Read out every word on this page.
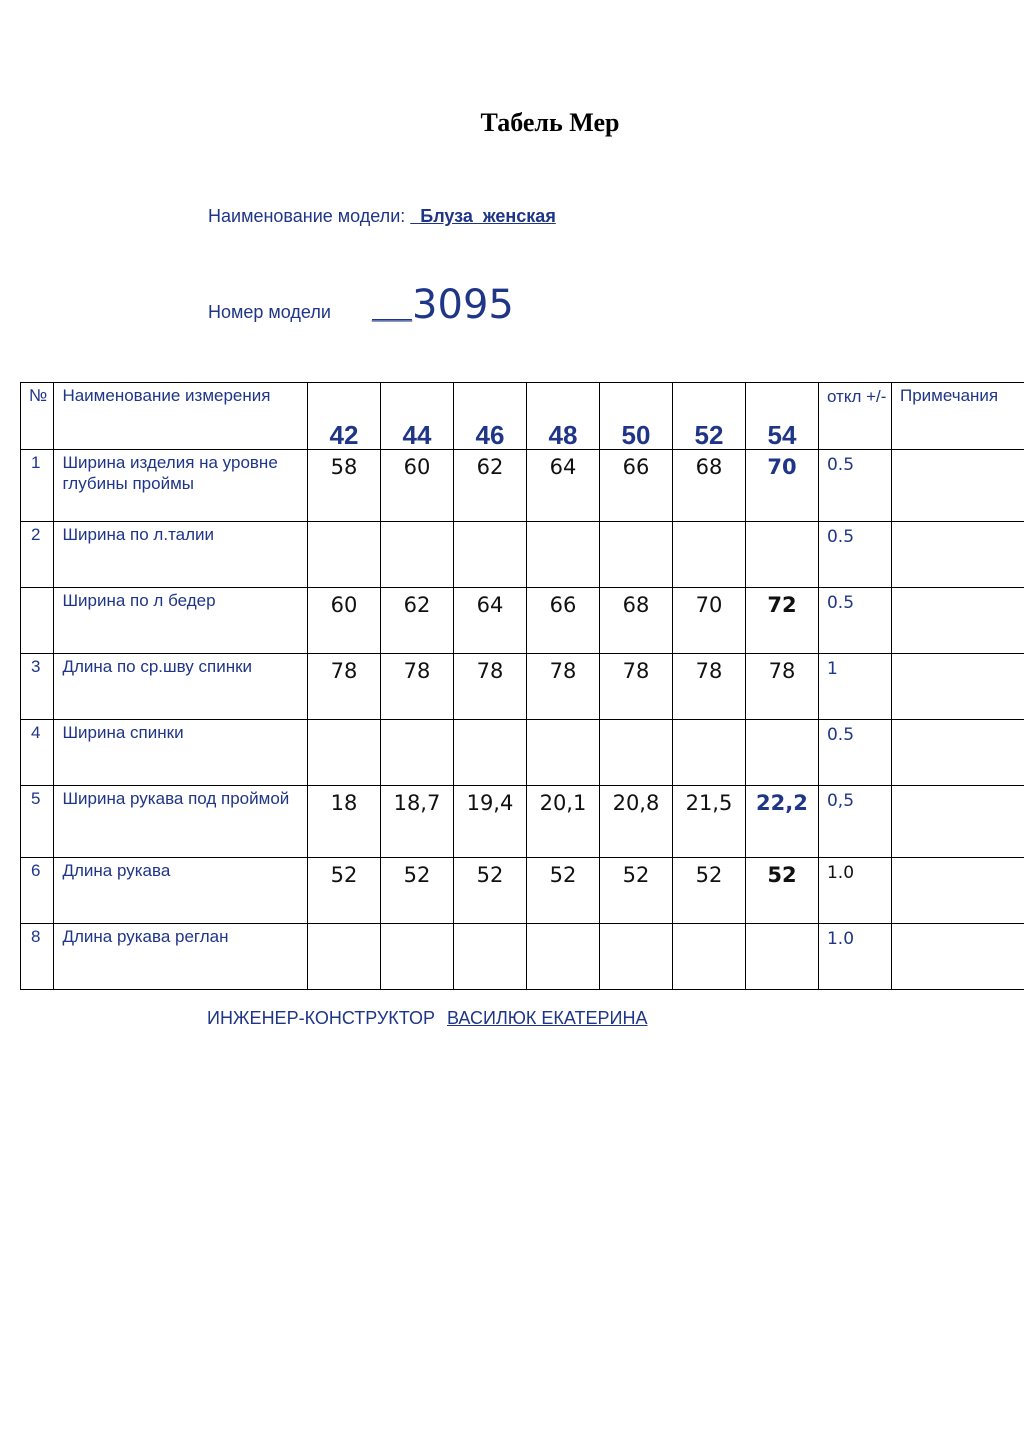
Табель Мер
Наименование модели:   Блуза  женская
Номер модели ____3095
№	Наименование измерения	42	44	46	48	50	52	54	откл +/-	Примечания
1	Ширина изделия на уровне глубины проймы	58	60	62	64	66	68	70	0.5	
2	Ширина по л.талии								0.5	
	Ширина по л бедер	60	62	64	66	68	70	72	0.5	
3	Длина по ср.шву спинки	78	78	78	78	78	78	78	1	
4	Ширина спинки								0.5	
5	Ширина рукава под проймой	18	18,7	19,4	20,1	20,8	21,5	22,2	0,5	
6	Длина рукава	52	52	52	52	52	52	52	1.0	
8	Длина рукава реглан								1.0	
ИНЖЕНЕР-КОНСТРУКТОР ВАСИЛЮК ЕКАТЕРИНА
